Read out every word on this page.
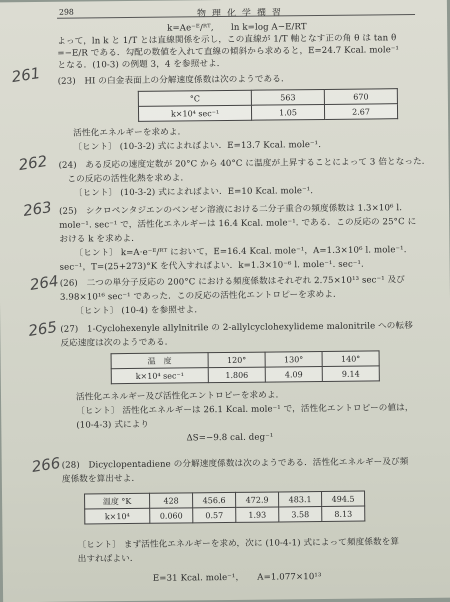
298	物理化学撰習
k=Ae⁻ᴱ/ᴿᵀ,　　ln k=log A−E/RT
よって，ln k と 1/T とは直線関係を示し，この直線が 1/T 軸となす正の角 θ は tan θ
=−E/R である．勾配の数値を入れて直線の傾斜から求めると，E=24.7 Kcal. mole⁻¹
となる．(10-3) の例題 3，4 を参照せよ．
261 (23)　HI の白金表面上の分解速度係数は次のようである．
°C	563	670
k×10⁴ sec⁻¹	1.05	2.67
活性化エネルギーを求めよ．
〔ヒント〕 (10-3-2) 式によればよい．E=13.7 Kcal. mole⁻¹.
262 (24)　ある反応の速度定数が 20°C から 40°C に温度が上昇することによって 3 倍となった．
　この反応の活性化熱を求めよ．
〔ヒント〕 (10-3-2) 式によればよい．E=10 Kcal. mole⁻¹.
263 (25)　シクロペンタジエンのベンゼン溶液における二分子重合の頻度係数は 1.3×10⁶ l.
mole⁻¹. sec⁻¹ で，活性化エネルギーは 16.4 Kcal. mole⁻¹. である．この反応の 25°C に
おける k を求めよ．
〔ヒント〕 k=A·e⁻ᴱ/ᴿᵀ において，E=16.4 Kcal. mole⁻¹，A=1.3×10⁶ l. mole⁻¹.
sec⁻¹，T=(25+273)°K を代入すればよい．k=1.3×10⁻⁶ l. mole⁻¹. sec⁻¹.
264 (26)　二つの単分子反応の 200°C における頻度係数はそれぞれ 2.75×10¹³ sec⁻¹ 及び
3.98×10¹⁶ sec⁻¹ であった．この反応の活性化エントロピーを求めよ．
〔ヒント〕 (10-4) を参照せよ．
265 (27)　1-Cyclohexenyle allylnitrile の 2-allylcyclohexylideme malonitrile への転移
反応速度は次のようである．
温　度	120°	130°	140°
k×10⁴ sec⁻¹	1.806	4.09	9.14
活性化エネルギー及び活性化エントロピーを求めよ．
〔ヒント〕 活性化エネルギーは 26.1 Kcal. mole⁻¹ で，活性化エントロピーの値は，
(10-4-3) 式により
ΔS=−9.8 cal. deg⁻¹
266 (28)　Dicyclopentadiene の分解速度係数は次のようである．活性化エネルギー及び頻
度係数を算出せよ．
温度 °K	428	456.6	472.9	483.1	494.5
k×10⁴	0.060	0.57	1.93	3.58	8.13
〔ヒント〕 まず活性化エネルギーを求め，次に (10-4-1) 式によって頻度係数を算
出すればよい．
E=31 Kcal. mole⁻¹，　　A=1.077×10¹³
